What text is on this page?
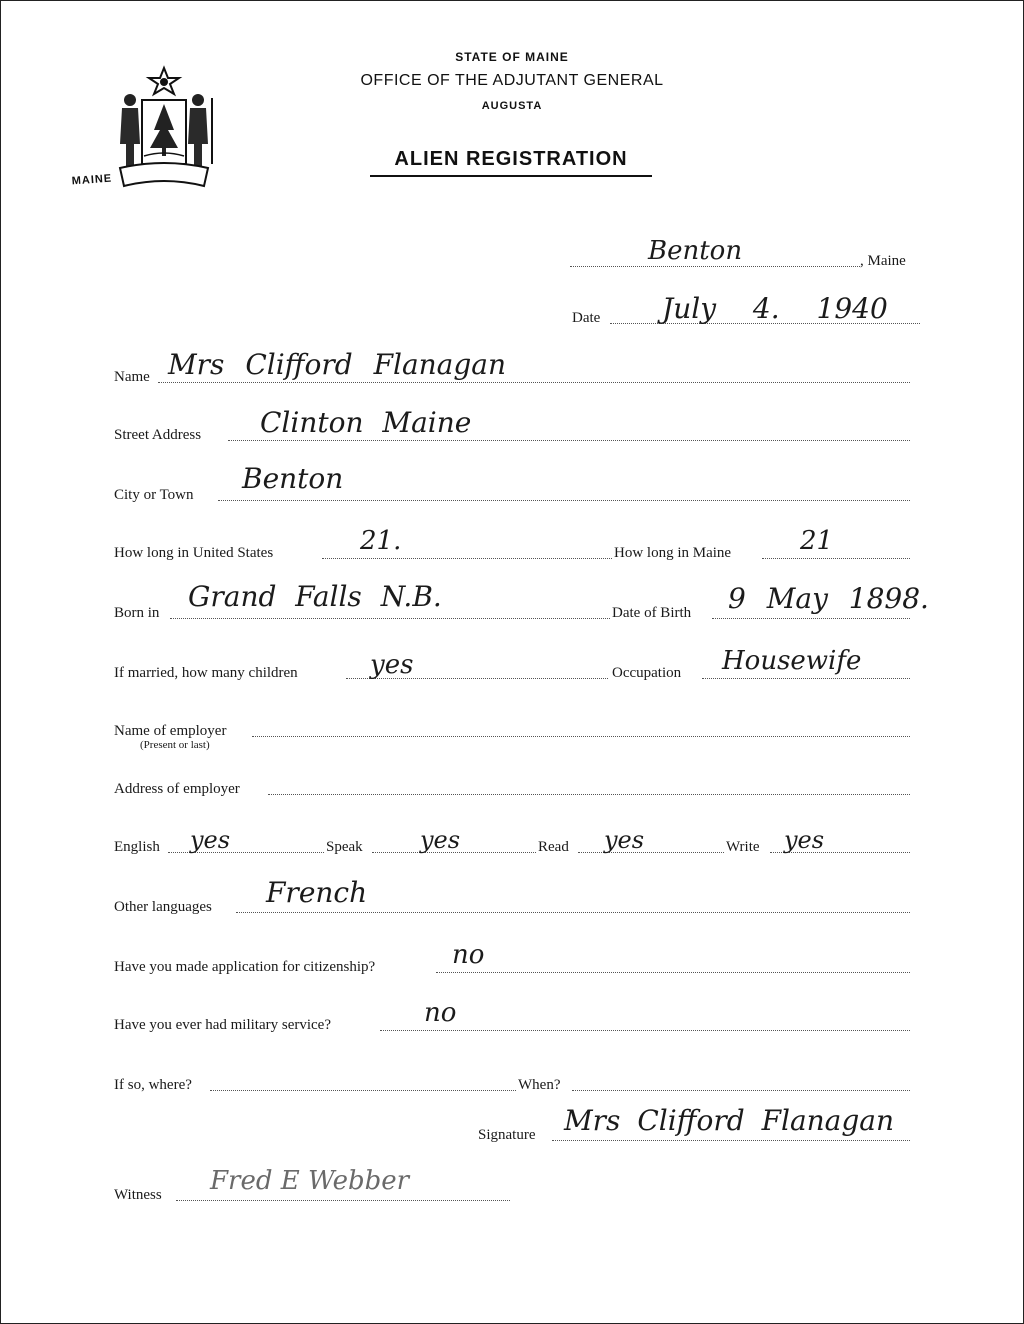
MAINE
STATE OF MAINE
OFFICE OF THE ADJUTANT GENERAL
AUGUSTA
ALIEN REGISTRATION
Benton	, Maine
Date July 4. 1940
Name Mrs Clifford Flanagan
Street Address Clinton Maine
City or Town Benton
How long in United States	21.	How long in Maine	21
Born in Grand Falls N.B.	Date of Birth 9 May 1898.
If married, how many children	yes	Occupation Housewife
Name of employer
(Present or last)
Address of employer
English yes	Speak yes	Read yes	Write yes
Other languages French
Have you made application for citizenship?	no
Have you ever had military service?	no
If so, where?	When?
Signature Mrs Clifford Flanagan
Witness Fred E Webber
